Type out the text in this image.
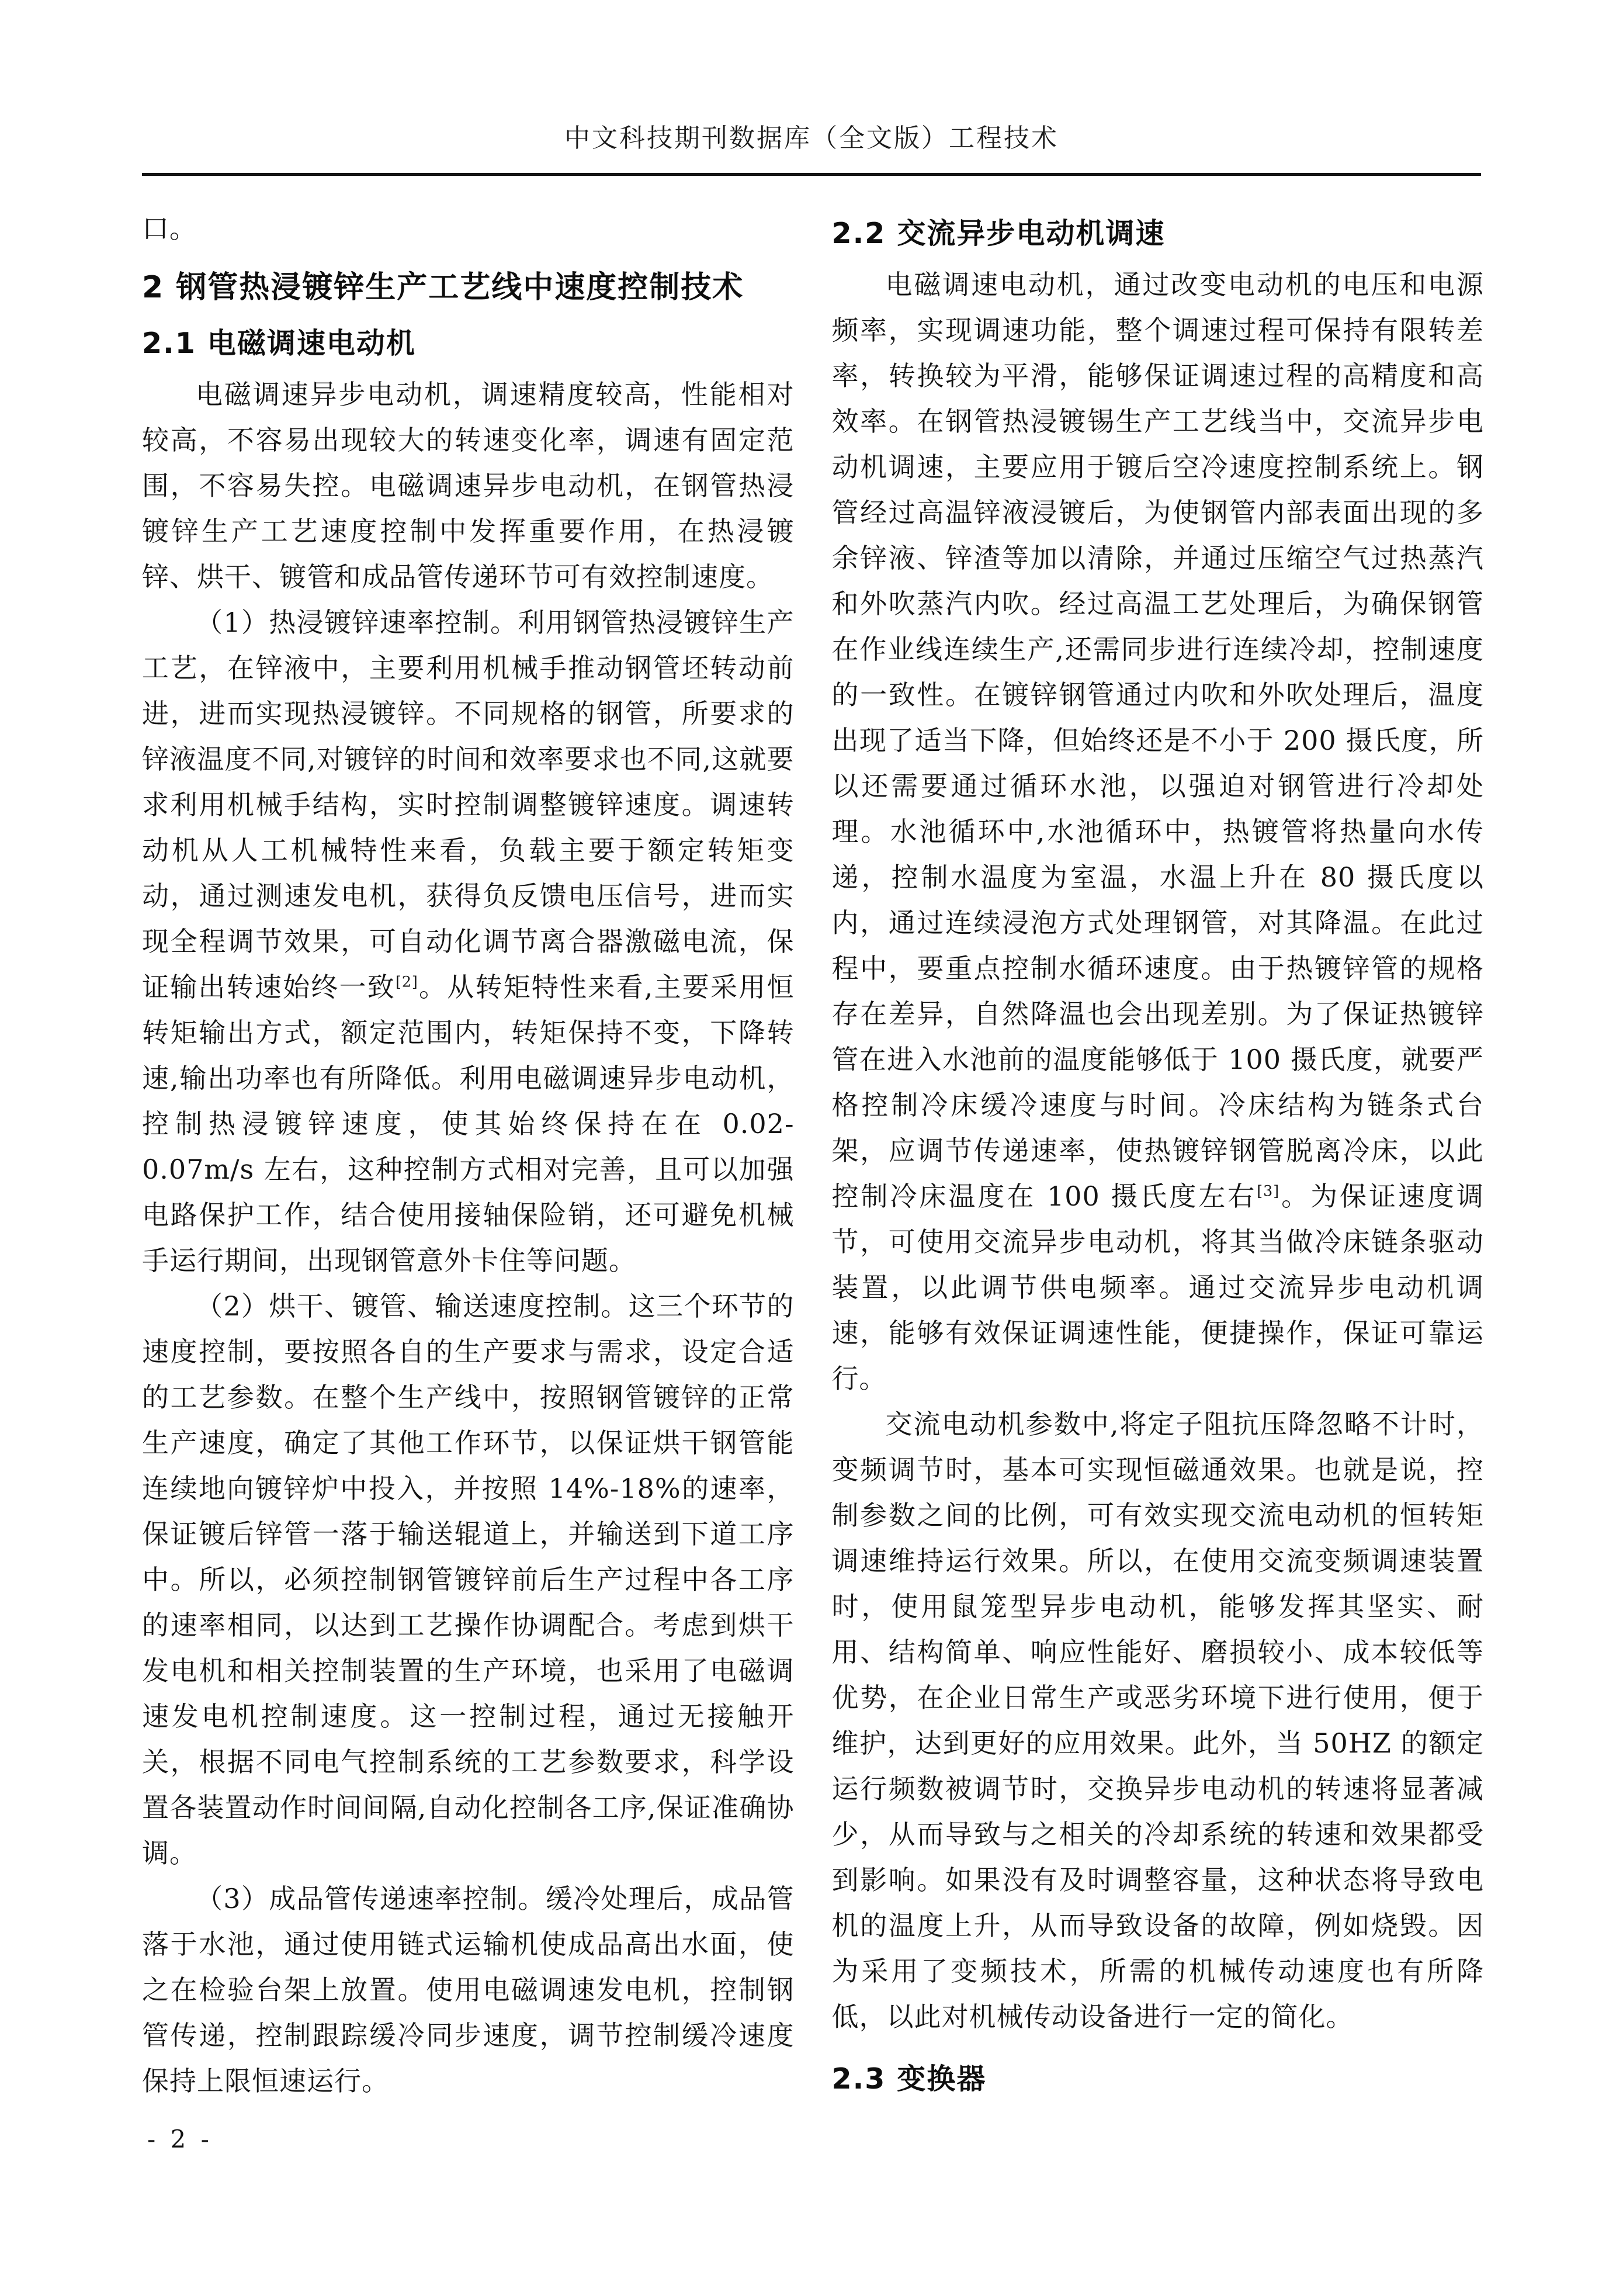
中文科技期刊数据库（全文版）工程技术

口。

2 钢管热浸镀锌生产工艺线中速度控制技术
2.1 电磁调速电动机

电磁调速异步电动机，调速精度较高，性能相对较高，不容易出现较大的转速变化率，调速有固定范围，不容易失控。电磁调速异步电动机，在钢管热浸镀锌生产工艺速度控制中发挥重要作用，在热浸镀锌、烘干、镀管和成品管传递环节可有效控制速度。

（1）热浸镀锌速率控制。利用钢管热浸镀锌生产工艺，在锌液中，主要利用机械手推动钢管坯转动前进，进而实现热浸镀锌。不同规格的钢管，所要求的锌液温度不同,对镀锌的时间和效率要求也不同,这就要求利用机械手结构，实时控制调整镀锌速度。调速转动机从人工机械特性来看，负载主要于额定转矩变动，通过测速发电机，获得负反馈电压信号，进而实现全程调节效果，可自动化调节离合器激磁电流，保证输出转速始终一致[2]。从转矩特性来看,主要采用恒转矩输出方式，额定范围内，转矩保持不变，下降转速,输出功率也有所降低。利用电磁调速异步电动机，控制热浸镀锌速度，使其始终保持在在 0.02-0.07m/s 左右，这种控制方式相对完善，且可以加强电路保护工作，结合使用接轴保险销，还可避免机械手运行期间，出现钢管意外卡住等问题。

（2）烘干、镀管、输送速度控制。这三个环节的速度控制，要按照各自的生产要求与需求，设定合适的工艺参数。在整个生产线中，按照钢管镀锌的正常生产速度，确定了其他工作环节，以保证烘干钢管能连续地向镀锌炉中投入，并按照 14%-18%的速率，保证镀后锌管一落于输送辊道上，并输送到下道工序中。所以，必须控制钢管镀锌前后生产过程中各工序的速率相同，以达到工艺操作协调配合。考虑到烘干发电机和相关控制装置的生产环境，也采用了电磁调速发电机控制速度。这一控制过程，通过无接触开关，根据不同电气控制系统的工艺参数要求，科学设置各装置动作时间间隔,自动化控制各工序,保证准确协调。

（3）成品管传递速率控制。缓冷处理后，成品管落于水池，通过使用链式运输机使成品高出水面，使之在检验台架上放置。使用电磁调速发电机，控制钢管传递，控制跟踪缓冷同步速度，调节控制缓冷速度保持上限恒速运行。

2.2 交流异步电动机调速

电磁调速电动机，通过改变电动机的电压和电源频率，实现调速功能，整个调速过程可保持有限转差率，转换较为平滑，能够保证调速过程的高精度和高效率。在钢管热浸镀锡生产工艺线当中，交流异步电动机调速，主要应用于镀后空冷速度控制系统上。钢管经过高温锌液浸镀后，为使钢管内部表面出现的多余锌液、锌渣等加以清除，并通过压缩空气过热蒸汽和外吹蒸汽内吹。经过高温工艺处理后，为确保钢管在作业线连续生产,还需同步进行连续冷却，控制速度的一致性。在镀锌钢管通过内吹和外吹处理后，温度出现了适当下降，但始终还是不小于 200 摄氏度，所以还需要通过循环水池，以强迫对钢管进行冷却处理。水池循环中,水池循环中，热镀管将热量向水传递，控制水温度为室温，水温上升在 80 摄氏度以内，通过连续浸泡方式处理钢管，对其降温。在此过程中，要重点控制水循环速度。由于热镀锌管的规格存在差异，自然降温也会出现差别。为了保证热镀锌管在进入水池前的温度能够低于 100 摄氏度，就要严格控制冷床缓冷速度与时间。冷床结构为链条式台架，应调节传递速率，使热镀锌钢管脱离冷床，以此控制冷床温度在 100 摄氏度左右[3]。为保证速度调节，可使用交流异步电动机，将其当做冷床链条驱动装置，以此调节供电频率。通过交流异步电动机调速，能够有效保证调速性能，便捷操作，保证可靠运行。

交流电动机参数中,将定子阻抗压降忽略不计时，变频调节时，基本可实现恒磁通效果。也就是说，控制参数之间的比例，可有效实现交流电动机的恒转矩调速维持运行效果。所以，在使用交流变频调速装置时，使用鼠笼型异步电动机，能够发挥其坚实、耐用、结构简单、响应性能好、磨损较小、成本较低等优势，在企业日常生产或恶劣环境下进行使用，便于维护，达到更好的应用效果。此外，当 50HZ 的额定运行频数被调节时，交换异步电动机的转速将显著减少，从而导致与之相关的冷却系统的转速和效果都受到影响。如果没有及时调整容量，这种状态将导致电机的温度上升，从而导致设备的故障，例如烧毁。因为采用了变频技术，所需的机械传动速度也有所降低，以此对机械传动设备进行一定的简化。

2.3 变换器
- 2 -
